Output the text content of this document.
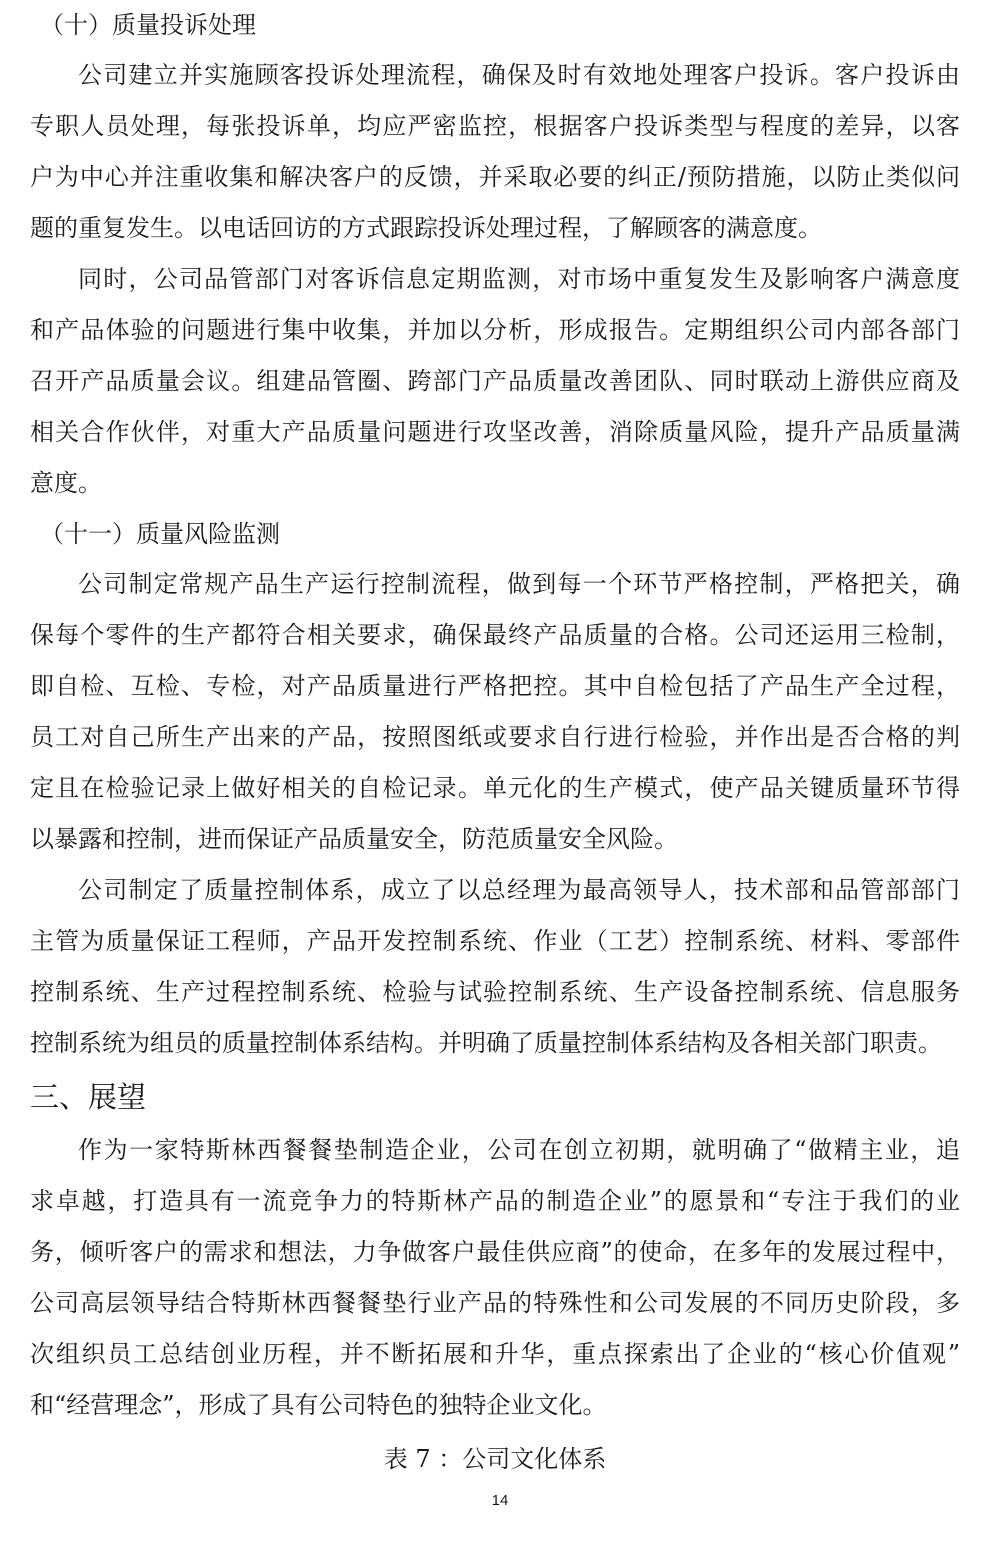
（十）质量投诉处理
公司建立并实施顾客投诉处理流程，确保及时有效地处理客户投诉。客户投诉由
专职人员处理，每张投诉单，均应严密监控，根据客户投诉类型与程度的差异，以客
户为中心并注重收集和解决客户的反馈，并采取必要的纠正/预防措施，以防止类似问
题的重复发生。以电话回访的方式跟踪投诉处理过程，了解顾客的满意度。
同时，公司品管部门对客诉信息定期监测，对市场中重复发生及影响客户满意度
和产品体验的问题进行集中收集，并加以分析，形成报告。定期组织公司内部各部门
召开产品质量会议。组建品管圈、跨部门产品质量改善团队、同时联动上游供应商及
相关合作伙伴，对重大产品质量问题进行攻坚改善，消除质量风险，提升产品质量满
意度。
（十一）质量风险监测
公司制定常规产品生产运行控制流程，做到每一个环节严格控制，严格把关，确
保每个零件的生产都符合相关要求，确保最终产品质量的合格。公司还运用三检制，
即自检、互检、专检，对产品质量进行严格把控。其中自检包括了产品生产全过程，
员工对自己所生产出来的产品，按照图纸或要求自行进行检验，并作出是否合格的判
定且在检验记录上做好相关的自检记录。单元化的生产模式，使产品关键质量环节得
以暴露和控制，进而保证产品质量安全，防范质量安全风险。
公司制定了质量控制体系，成立了以总经理为最高领导人，技术部和品管部部门
主管为质量保证工程师，产品开发控制系统、作业（工艺）控制系统、材料、零部件
控制系统、生产过程控制系统、检验与试验控制系统、生产设备控制系统、信息服务
控制系统为组员的质量控制体系结构。并明确了质量控制体系结构及各相关部门职责。
三、展望
作为一家特斯林西餐餐垫制造企业，公司在创立初期，就明确了“做精主业，追
求卓越，打造具有一流竞争力的特斯林产品的制造企业”的愿景和“专注于我们的业
务，倾听客户的需求和想法，力争做客户最佳供应商”的使命，在多年的发展过程中，
公司高层领导结合特斯林西餐餐垫行业产品的特殊性和公司发展的不同历史阶段，多
次组织员工总结创业历程，并不断拓展和升华，重点探索出了企业的“核心价值观”
和“经营理念”，形成了具有公司特色的独特企业文化。
表 7 ：公司文化体系
14
